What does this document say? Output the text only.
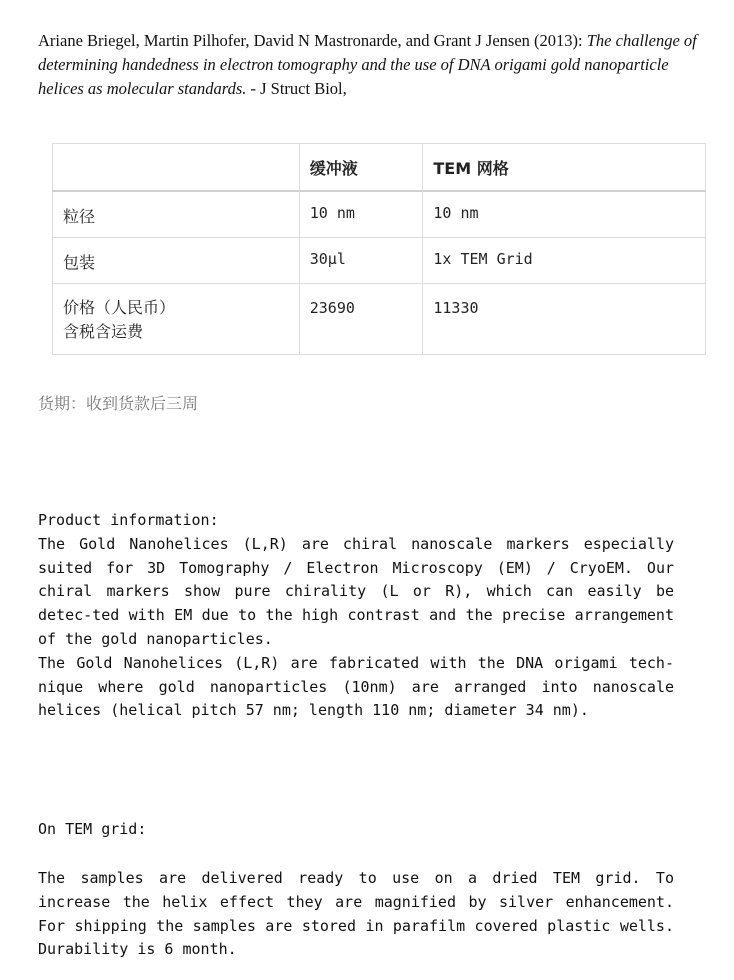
Ariane Briegel, Martin Pilhofer, David N Mastronarde, and Grant J Jensen (2013): The challenge of determining handedness in electron tomography and the use of DNA origami gold nanoparticle helices as molecular standards. - J Struct Biol,
	缓冲液	TEM 网格
粒径	10 nm	10 nm
包装	30μl	1x TEM Grid

价格（人民币）
含税含运费	23690	11330
货期：收到货款后三周

Product information:

The Gold Nanohelices (L,R) are chiral nanoscale markers especially suited for 3D Tomography / Electron Microscopy (EM) / CryoEM. Our chiral markers show pure chirality (L or R), which can easily be detec-ted with EM due to the high contrast and the precise arrangement of the gold nanoparticles.

The Gold Nanohelices (L,R) are fabricated with the DNA origami tech-nique where gold nanoparticles (10nm) are arranged into nanoscale helices (helical pitch 57 nm; length 110 nm; diameter 34 nm).

On TEM grid:
The samples are delivered ready to use on a dried TEM grid. To increase the helix effect they are magnified by silver enhancement. For shipping the samples are stored in parafilm covered plastic wells. Durability is 6 month.
